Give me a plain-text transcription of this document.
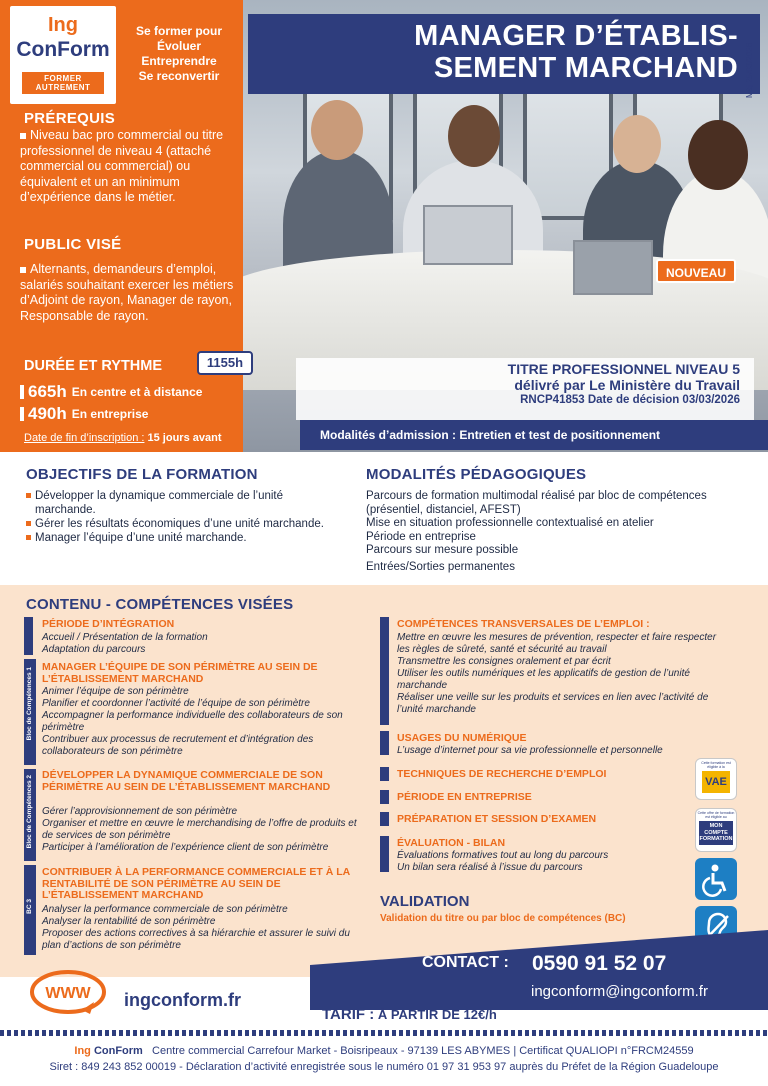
Ing
ConForm
FORMER AUTREMENT
Se former pour
Évoluer
Entreprendre
Se reconvertir
PRÉREQUIS
Niveau bac pro commercial ou titre professionnel de niveau 4 (attaché commercial ou commercial) ou équivalent et un an minimum d’expérience dans le métier.
PUBLIC VISÉ
Alternants, demandeurs d’emploi, salariés souhaitant exercer les métiers d’Adjoint de rayon, Manager de rayon, Responsable de rayon.
DURÉE ET RYTHME
665h En centre et à distance
490h En entreprise
Date de fin d’inscription : 15 jours avant
1155h
MANAGER D’ÉTABLIS-
SEMENT MARCHAND Màj 25/03/2026
NOUVEAU
TITRE PROFESSIONNEL NIVEAU 5
délivré par Le Ministère du Travail
RNCP41853 Date de décision 03/03/2026
Modalités d’admission : Entretien et test de positionnement
OBJECTIFS DE LA FORMATION
Développer la dynamique commerciale de l’unité marchande.
Gérer les résultats économiques d’une unité marchande.
Manager l’équipe d’une unité marchande.
MODALITÉS PÉDAGOGIQUES
Parcours de formation multimodal réalisé par bloc de compétences (présentiel, distanciel, AFEST)
Mise en situation professionnelle contextualisé en atelier
Période en entreprise
Parcours sur mesure possible
Entrées/Sorties permanentes
CONTENU - COMPÉTENCES VISÉES
PÉRIODE D’INTÉGRATION
Accueil / Présentation de la formation
Adaptation du parcours
Bloc de Compétences 1 MANAGER L’ÉQUIPE DE SON PÉRIMÈTRE AU SEIN DE L’ÉTABLISSEMENT MARCHAND
Animer l’équipe de son périmètre
Planifier et coordonner l’activité de l’équipe de son périmètre
Accompagner la performance individuelle des collaborateurs de son périmètre
Contribuer aux processus de recrutement et d’intégration des collaborateurs de son périmètre
Bloc de Compétences 2 DÉVELOPPER LA DYNAMIQUE COMMERCIALE DE SON PÉRIMÈTRE AU SEIN DE L’ÉTABLISSEMENT MARCHAND
Gérer l’approvisionnement de son périmètre
Organiser et mettre en œuvre le merchandising de l’offre de produits et de services de son périmètre
Participer à l’amélioration de l’expérience client de son périmètre
BC 3
CONTRIBUER À LA PERFORMANCE COMMERCIALE ET À LA RENTABILITÉ DE SON PÉRIMÈTRE AU SEIN DE L’ÉTABLISSEMENT MARCHAND
Analyser la performance commerciale de son périmètre
Analyser la rentabilité de son périmètre
Proposer des actions correctives à sa hiérarchie et assurer le suivi du plan d’actions de son périmètre
COMPÉTENCES TRANSVERSALES DE L’EMPLOI :
Mettre en œuvre les mesures de prévention, respecter et faire respecter les règles de sûreté, santé et sécurité au travail
Transmettre les consignes oralement et par écrit
Utiliser les outils numériques et les applicatifs de gestion de l’unité marchande
Réaliser une veille sur les produits et services en lien avec l’activité de l’unité marchande
USAGES DU NUMÉRIQUE
L’usage d’internet pour sa vie professionnelle et personnelle
TECHNIQUES DE RECHERCHE D’EMPLOI
PÉRIODE EN ENTREPRISE
PRÉPARATION ET SESSION D’EXAMEN
ÉVALUATION - BILAN
Évaluations formatives tout au long du parcours
Un bilan sera réalisé à l’issue du parcours
VALIDATION
Validation du titre ou par bloc de compétences (BC)
Cette formation est éligible à la
VAE
Cette offre de formation est éligible au
MON COMPTE FORMATION
CONTACT : 0590 91 52 07
ingconform@ingconform.fr
TARIF : À PARTIR DE 12€/h
WWW ingconform.fr
Ing ConForm Centre commercial Carrefour Market - Boisripeaux - 97139 LES ABYMES | Certificat QUALIOPI n°FRCM24559
Siret : 849 243 852 00019 - Déclaration d’activité enregistrée sous le numéro 01 97 31 953 97 auprès du Préfet de la Région Guadeloupe
